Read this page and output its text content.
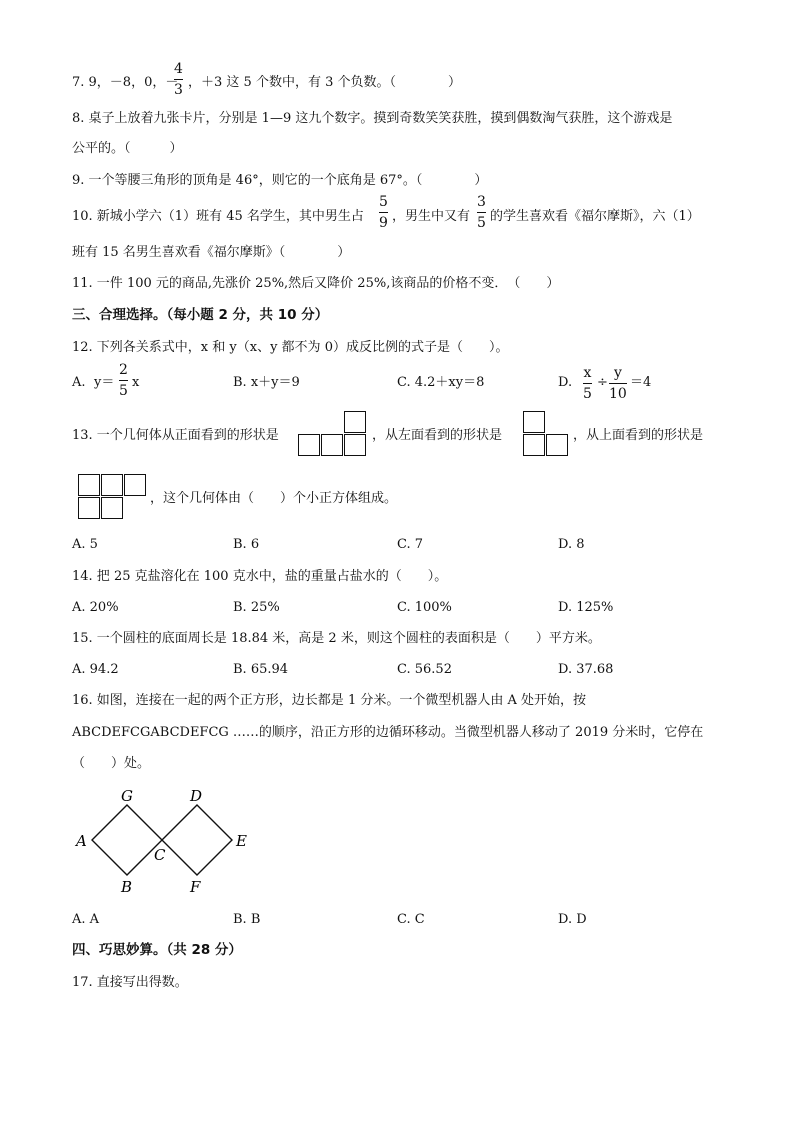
7. 9，－8，0，－
4
3 ，＋3 这 5 个数中，有 3 个负数。（　　　　）
8. 桌子上放着九张卡片，分别是 1—9 这九个数字。摸到奇数笑笑获胜，摸到偶数淘气获胜，这个游戏是
公平的。（　　　）
9. 一个等腰三角形的顶角是 46°，则它的一个底角是 67°。（　　　　）
10. 新城小学六（1）班有 45 名学生，其中男生占
5
9 ，男生中又有
3
5 的学生喜欢看《福尔摩斯》，六（1）
班有 15 名男生喜欢看《福尔摩斯》（　　　　）
11. 一件 100 元的商品,先涨价 25%,然后又降价 25%,该商品的价格不变．　（　　）
三、合理选择。（每小题 2 分，共 10 分）
12. 下列各关系式中，x 和 y（x、y 都不为 0）成反比例的式子是（　　）。
A. y＝
2
5
x	B. x＋y＝9	C. 4.2＋xy＝8	D.
x
5
÷
y
10
＝4
13. 一个几何体从正面看到的形状是	，从左面看到的形状是	，从上面看到的形状是
，这个几何体由（　　）个小正方体组成。
A. 5	B. 6	C. 7	D. 8
14. 把 25 克盐溶化在 100 克水中，盐的重量占盐水的（　　）。
A. 20%	B. 25%	C. 100%	D. 125%
15. 一个圆柱的底面周长是 18.84 米，高是 2 米，则这个圆柱的表面积是（　　）平方米。
A. 94.2	B. 65.94	C. 56.52	D. 37.68
16. 如图，连接在一起的两个正方形，边长都是 1 分米。一个微型机器人由 A 处开始，按
ABCDEFCGABCDEFCG ……的顺序，沿正方形的边循环移动。当微型机器人移动了 2019 分米时，它停在
（　　）处。
A
G
B
C
D
F
E
A. A	B. B	C. C	D. D
四、巧思妙算。（共 28 分）
17. 直接写出得数。
